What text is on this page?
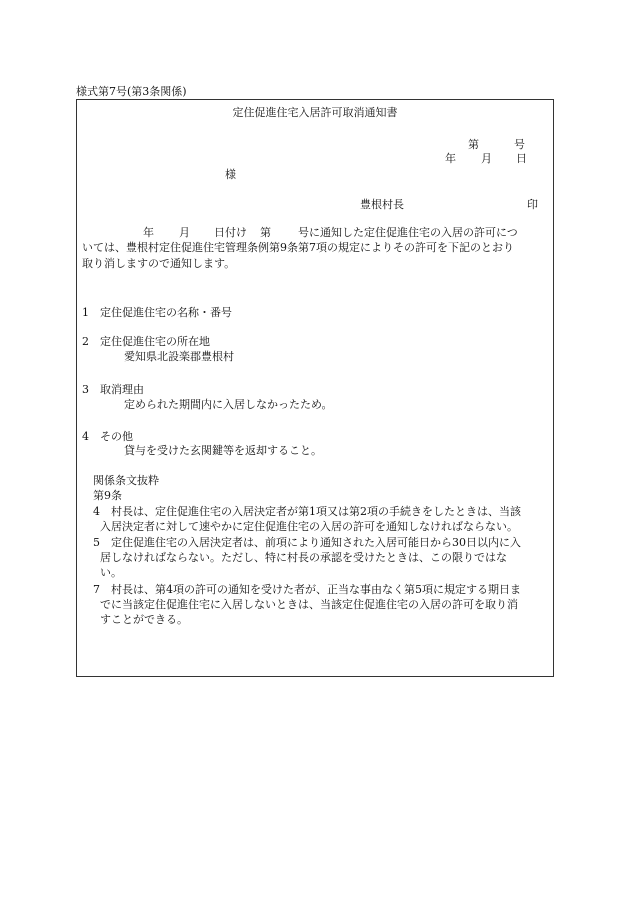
様式第7号(第3条関係)
定住促進住宅入居許可取消通知書
第	号
年 月 日
様
豊根村長	印
年 月 日付け 第 号に通知した定住促進住宅の入居の許可につ
いては、豊根村定住促進住宅管理条例第9条第7項の規定によりその許可を下記のとおり
取り消しますので通知します。
1 定住促進住宅の名称・番号
2 定住促進住宅の所在地
愛知県北設楽郡豊根村
3 取消理由
定められた期間内に入居しなかったため。
4 その他
貸与を受けた玄関鍵等を返却すること。
関係条文抜粋
第9条
4　村長は、定住促進住宅の入居決定者が第1項又は第2項の手続きをしたときは、当該
入居決定者に対して速やかに定住促進住宅の入居の許可を通知しなければならない。
5　定住促進住宅の入居決定者は、前項により通知された入居可能日から30日以内に入
居しなければならない。ただし、特に村長の承認を受けたときは、この限りではな
い。
7　村長は、第4項の許可の通知を受けた者が、正当な事由なく第5項に規定する期日ま
でに当該定住促進住宅に入居しないときは、当該定住促進住宅の入居の許可を取り消
すことができる。
